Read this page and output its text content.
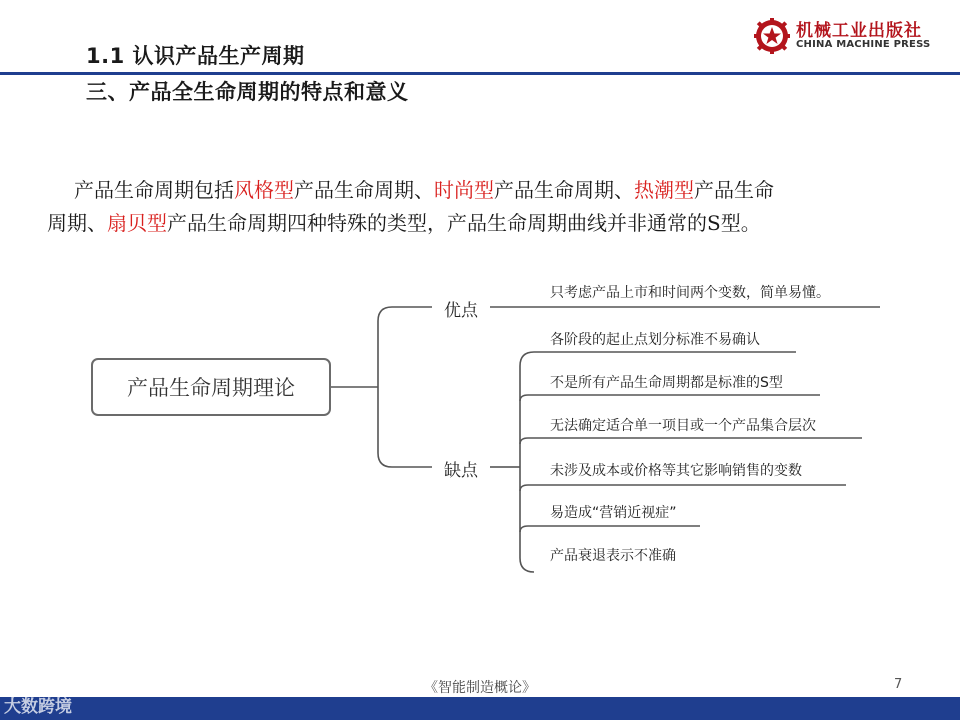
1.1 认识产品生产周期
三、产品全生命周期的特点和意义
机械工业出版社
CHINA MACHINE PRESS

产品生命周期包括风格型产品生命周期、时尚型产品生命周期、热潮型产品生命

周期、扇贝型产品生命周期四种特殊的类型，产品生命周期曲线并非通常的S型。

产品生命周期理论
优点
缺点
只考虑产品上市和时间两个变数，简单易懂。
各阶段的起止点划分标准不易确认
不是所有产品生命周期都是标准的S型
无法确定适合单一项目或一个产品集合层次
未涉及成本或价格等其它影响销售的变数
易造成“营销近视症”
产品衰退表示不准确
《智能制造概论》	7
大数跨境
